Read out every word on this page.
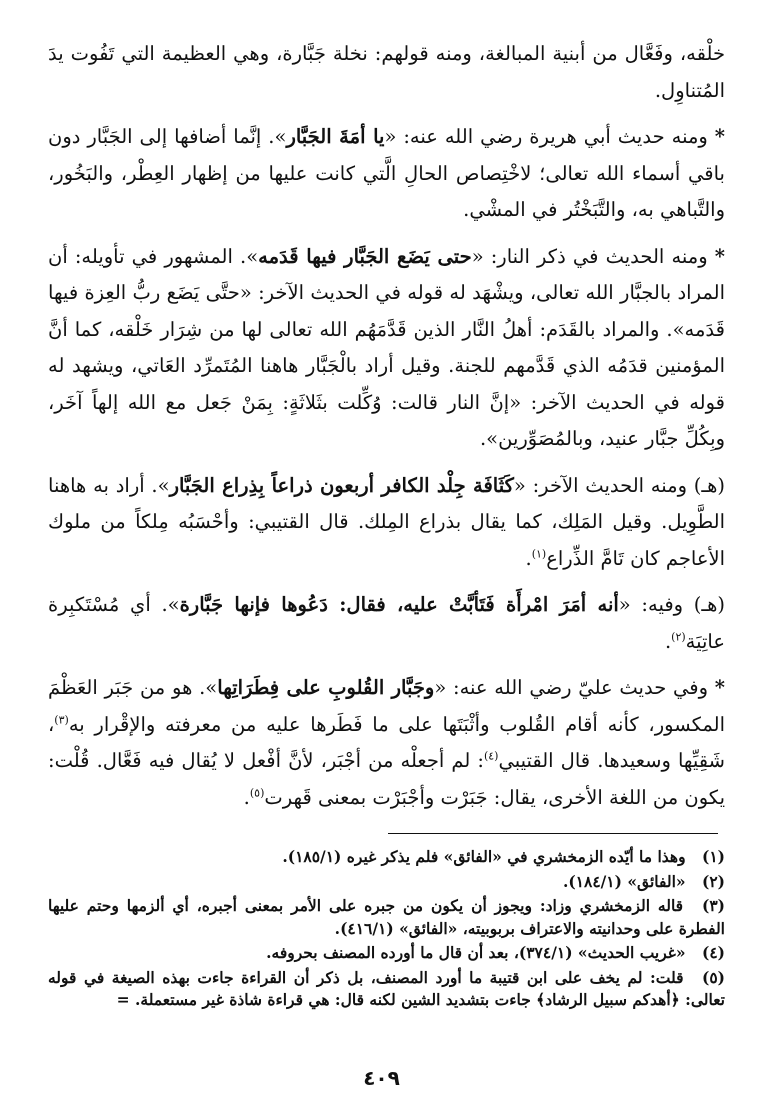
خلْقه، وفَعَّال من أبنية المبالغة، ومنه قولهم: نخلة جَبَّارة، وهي العظيمة التي تَفُوت يدَ المُتناوِل.

* ومنه حديث أبي هريرة رضي الله عنه: «يا أمَةَ الجَبَّار». إنَّما أضافها إلى الجَبَّار دون باقي أسماء الله تعالى؛ لاخْتِصاص الحالِ الَّتي كانت عليها من إظهار العِطْر، والبَخُور، والتَّباهي به، والتَّبَخْتُر في المشْي.

* ومنه الحديث في ذكر النار: «حتى يَضَع الجَبَّار فيها قَدَمه». المشهور في تأويله: أن المراد بالجبَّار الله تعالى، ويشْهَد له قوله في الحديث الآخر: «حتَّى يَضَع ربُّ العِزة فيها قَدَمه». والمراد بالقَدَم: أهلُ النَّار الذين قَدَّمَهُم الله تعالى لها من شِرَار خَلْقه، كما أنَّ المؤمنين قدَمُه الذي قَدَّمهم للجنة. وقيل أراد بالْجَبَّار هاهنا المُتَمرِّد العَاتي، ويشهد له قوله في الحديث الآخر: «إنَّ النار قالت: وُكِّلت بثَلاثَةٍ: بِمَنْ جَعل مع الله إلهاً آخَر، وبِكُلِّ جبَّار عنيد، وبالمُصَوِّرين».

(هـ) ومنه الحديث الآخر: «كَثَافَة جِلْد الكافر أربعون ذراعاً بِذِراع الجَبَّار». أراد به هاهنا الطَّوِيل. وقيل المَلِك، كما يقال بذراع المِلك. قال القتيبي: وأحْسَبُه مِلكاً من ملوك الأعاجم كان تَامَّ الذِّراع$^{(١)}$.

(هـ) وفيه: «أنه أمَرَ امْرأَة فَتَأبَّتْ عليه، فقال: دَعُوها فإنها جَبَّارة». أي مُسْتَكبِرة عاتِيَة$^{(٢)}$.

* وفي حديث عليّ رضي الله عنه: «وجَبَّار القُلوبِ على فِطَرَاتِها». هو من جَبَر العَظْمَ المكسور، كأنه أقام القُلوب وأثْبَتَها على ما فَطَرها عليه من معرفته والإقْرار به$^{(٣)}$، شَقِيِّها وسعيدها. قال القتيبي$^{(٤)}$: لم أجعلْه من أجْبَر، لأنَّ أفْعل لا يُقال فيه فَعَّال. قُلْت: يكون من اللغة الأخرى، يقال: جَبَرْت وأجْبَرْت بمعنى قَهرت$^{(٥)}$.

(١) وهذا ما أيّده الزمخشري في «الفائق» فلم يذكر غيره (١٨٥/١).

(٢) «الفائق» (١٨٤/١).

(٣) قاله الزمخشري وزاد: ويجوز أن يكون من جبره على الأمر بمعنى أجبره، أي ألزمها وحتم عليها الفطرة على وحدانيته والاعتراف بربوبيته، «الفائق» (٤١٦/١).

(٤) «غريب الحديث» (٣٧٤/١)، بعد أن قال ما أورده المصنف بحروفه.

(٥) قلت: لم يخف على ابن قتيبة ما أورد المصنف، بل ذكر أن القراءة جاءت بهذه الصيغة في قوله تعالى: ﴿أهدكم سبيل الرشاد﴾ جاءت بتشديد الشين لكنه قال: هي قراءة شاذة غير مستعملة. =

٤٠٩
